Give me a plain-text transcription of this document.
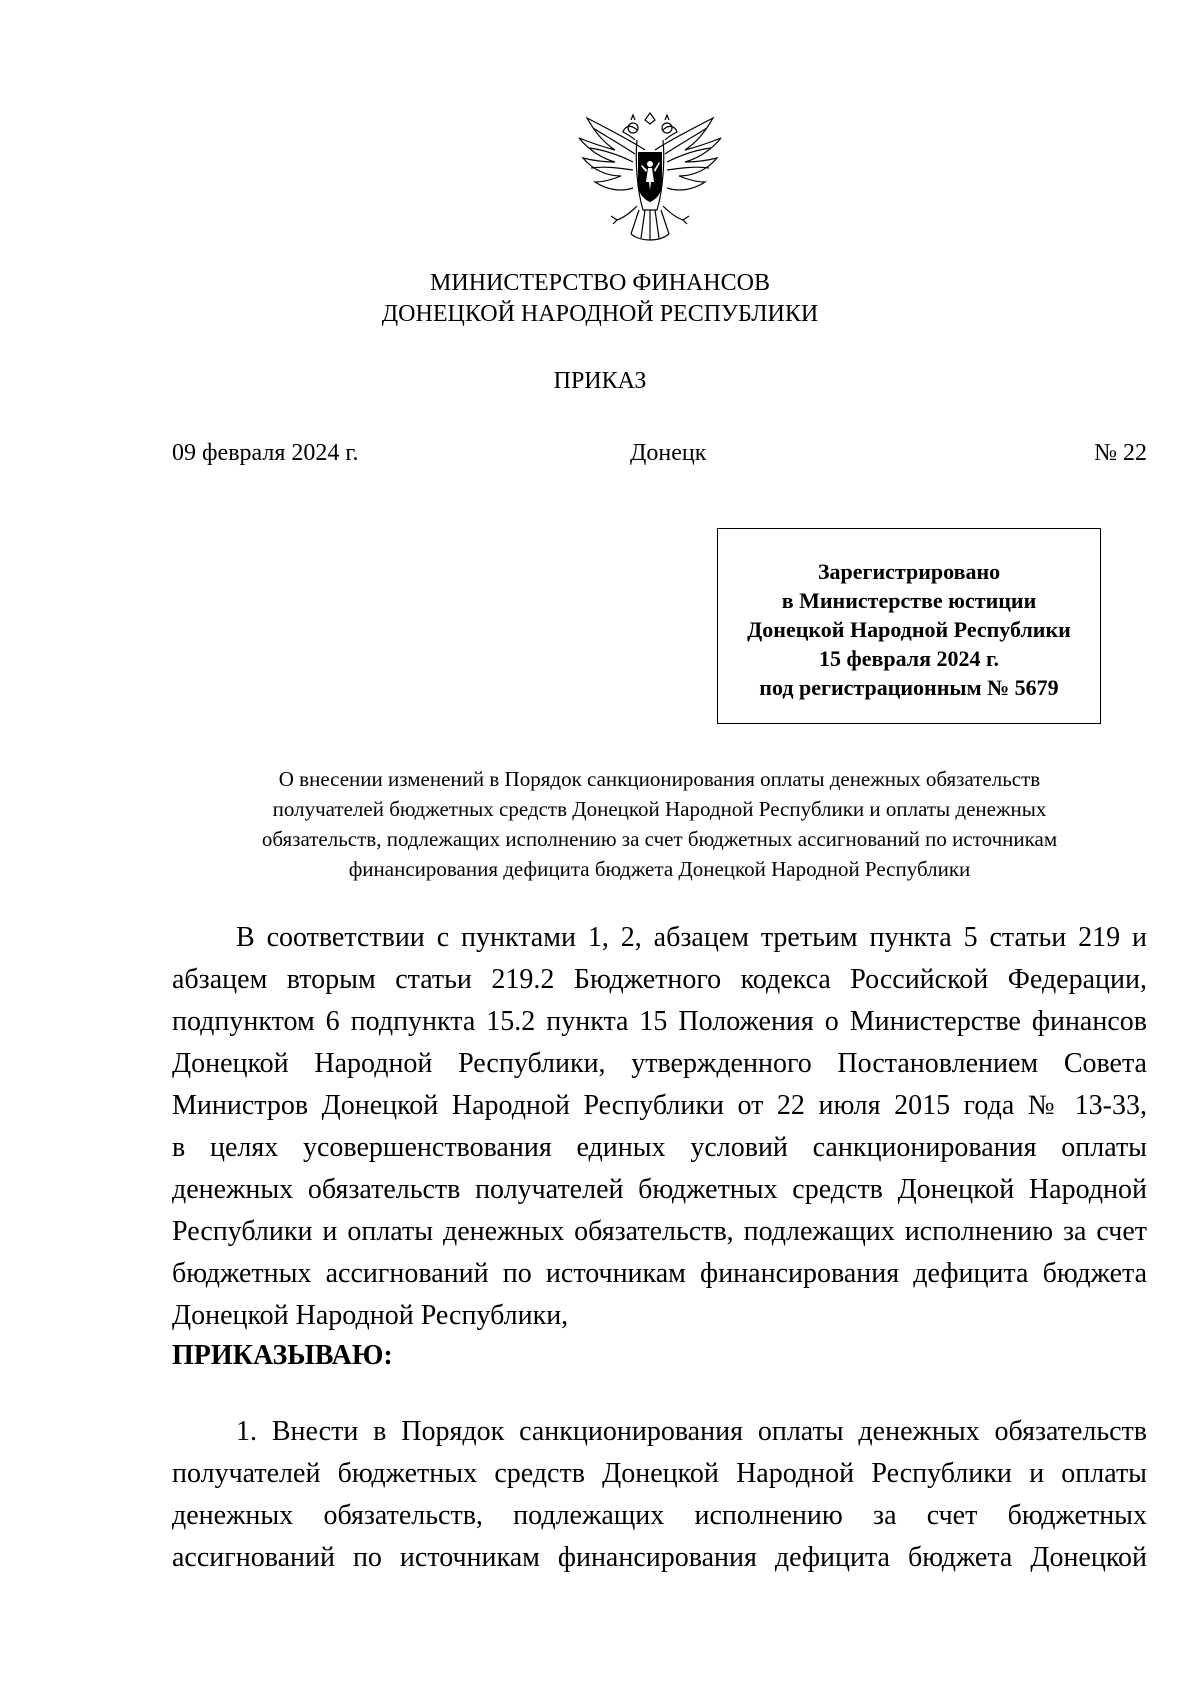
МИНИСТЕРСТВО ФИНАНСОВ
ДОНЕЦКОЙ НАРОДНОЙ РЕСПУБЛИКИ
ПРИКАЗ
09 февраля 2024 г.	Донецк	№ 22
Зарегистрировано
в Министерстве юстиции
Донецкой Народной Республики
15 февраля 2024 г.
под регистрационным № 5679
О внесении изменений в Порядок санкционирования оплаты денежных обязательств
получателей бюджетных средств Донецкой Народной Республики и оплаты денежных
обязательств, подлежащих исполнению за счет бюджетных ассигнований по источникам
финансирования дефицита бюджета Донецкой Народной Республики
В соответствии с пунктами 1, 2, абзацем третьим пункта 5 статьи 219 и
абзацем вторым статьи 219.2 Бюджетного кодекса Российской Федерации,
подпунктом 6 подпункта 15.2 пункта 15 Положения о Министерстве финансов
Донецкой Народной Республики, утвержденного Постановлением Совета
Министров Донецкой Народной Республики от 22 июля 2015 года № 13-33,
в целях усовершенствования единых условий санкционирования оплаты
денежных обязательств получателей бюджетных средств Донецкой Народной
Республики и оплаты денежных обязательств, подлежащих исполнению за счет
бюджетных ассигнований по источникам финансирования дефицита бюджета
Донецкой Народной Республики,
ПРИКАЗЫВАЮ:
1. Внести в Порядок санкционирования оплаты денежных обязательств
получателей бюджетных средств Донецкой Народной Республики и оплаты
денежных обязательств, подлежащих исполнению за счет бюджетных
ассигнований по источникам финансирования дефицита бюджета Донецкой
